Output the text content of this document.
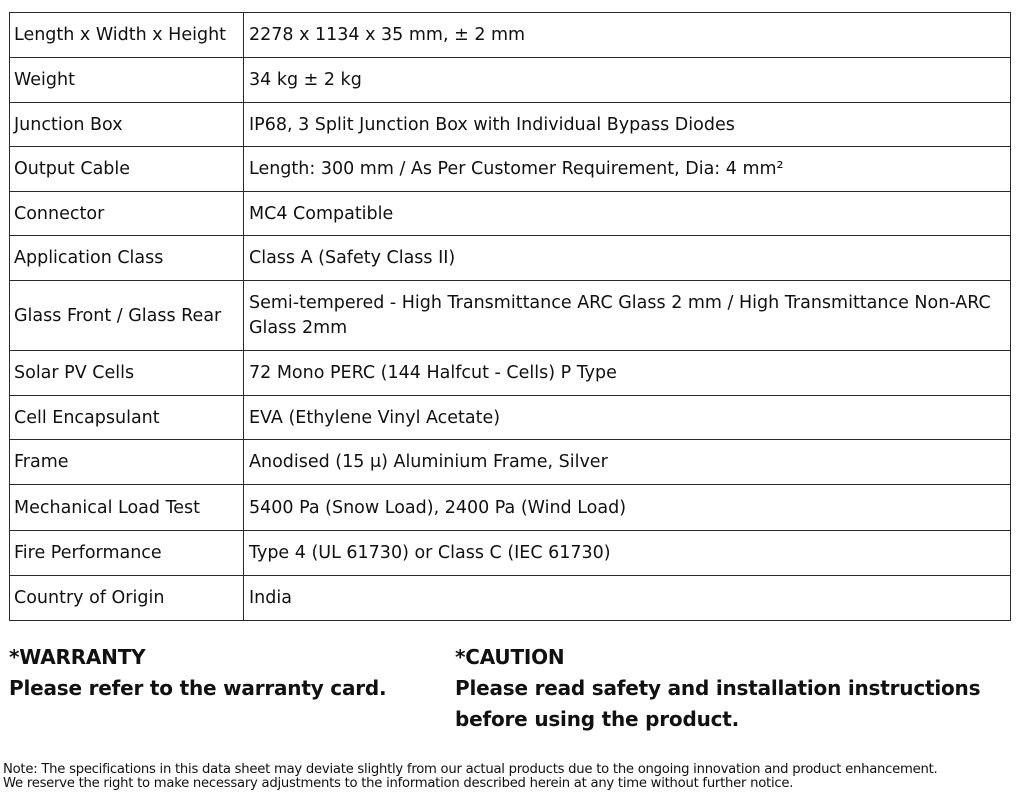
Length x Width x Height	2278 x 1134 x 35 mm, ± 2 mm
Weight	34 kg ± 2 kg
Junction Box	IP68, 3 Split Junction Box with Individual Bypass Diodes
Output Cable	Length: 300 mm / As Per Customer Requirement, Dia: 4 mm²
Connector	MC4 Compatible
Application Class	Class A (Safety Class II)
Glass Front / Glass Rear	Semi-tempered - High Transmittance ARC Glass 2 mm / High Transmittance Non-ARC Glass 2mm
Solar PV Cells	72 Mono PERC (144 Halfcut - Cells) P Type
Cell Encapsulant	EVA (Ethylene Vinyl Acetate)
Frame	Anodised (15 μ) Aluminium Frame, Silver
Mechanical Load Test	5400 Pa (Snow Load), 2400 Pa (Wind Load)
Fire Performance	Type 4 (UL 61730) or Class C (IEC 61730)
Country of Origin	India
*WARRANTY
Please refer to the warranty card.
*CAUTION
Please read safety and installation instructions
before using the product.
Note: The specifications in this data sheet may deviate slightly from our actual products due to the ongoing innovation and product enhancement.
We reserve the right to make necessary adjustments to the information described herein at any time without further notice.
